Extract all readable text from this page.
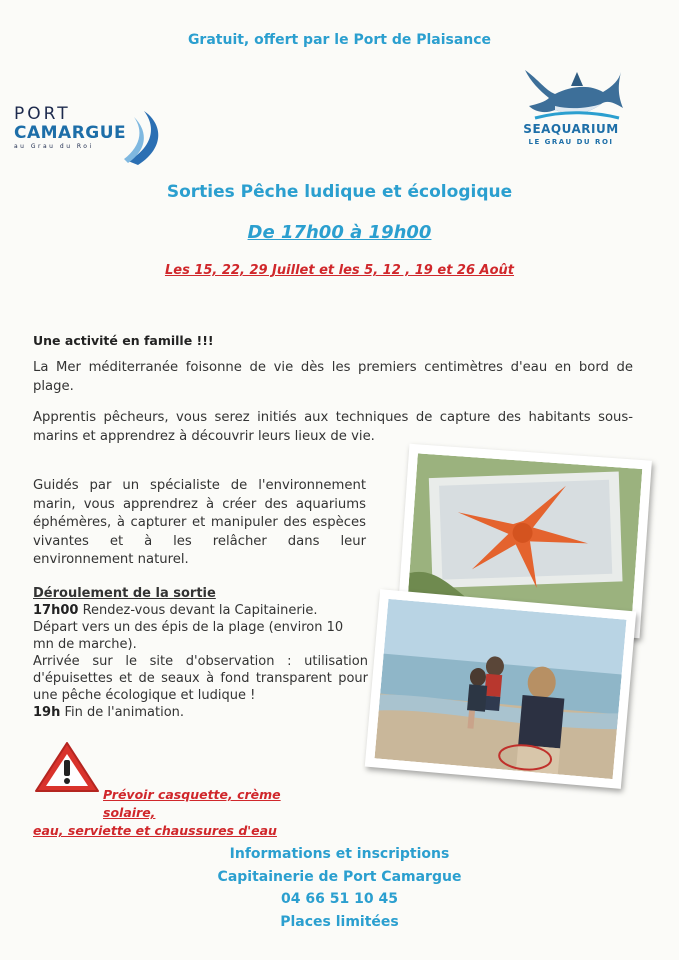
Gratuit, offert par le Port de Plaisance
PORT
CAMARGUE
au Grau du Roi
SEAQUARIUM
LE GRAU DU ROI
Sorties Pêche ludique et écologique
De 17h00 à 19h00
Les 15, 22, 29 Juillet et les 5, 12 , 19 et 26 Août
Une activité en famille !!!
La Mer méditerranée foisonne de vie dès les premiers centimètres d'eau en bord de plage.
Apprentis pêcheurs, vous serez initiés aux techniques de capture des habitants sous-marins et apprendrez à découvrir leurs lieux de vie.
Guidés par un spécialiste de l'environnement marin, vous apprendrez à créer des aquariums éphémères, à capturer et manipuler des espèces vivantes et à les relâcher dans leur environnement naturel.
Déroulement de la sortie
17h00 Rendez-vous devant la Capitainerie.
Départ vers un des épis de la plage (environ 10 mn de marche).
Arrivée sur le site d'observation : utilisation d'épuisettes et de seaux à fond transparent pour une pêche écologique et ludique !
19h Fin de l'animation.
Prévoir casquette, crème solaire,
eau, serviette et chaussures d'eau
Informations et inscriptions
Capitainerie de Port Camargue
04 66 51 10 45
Places limitées
